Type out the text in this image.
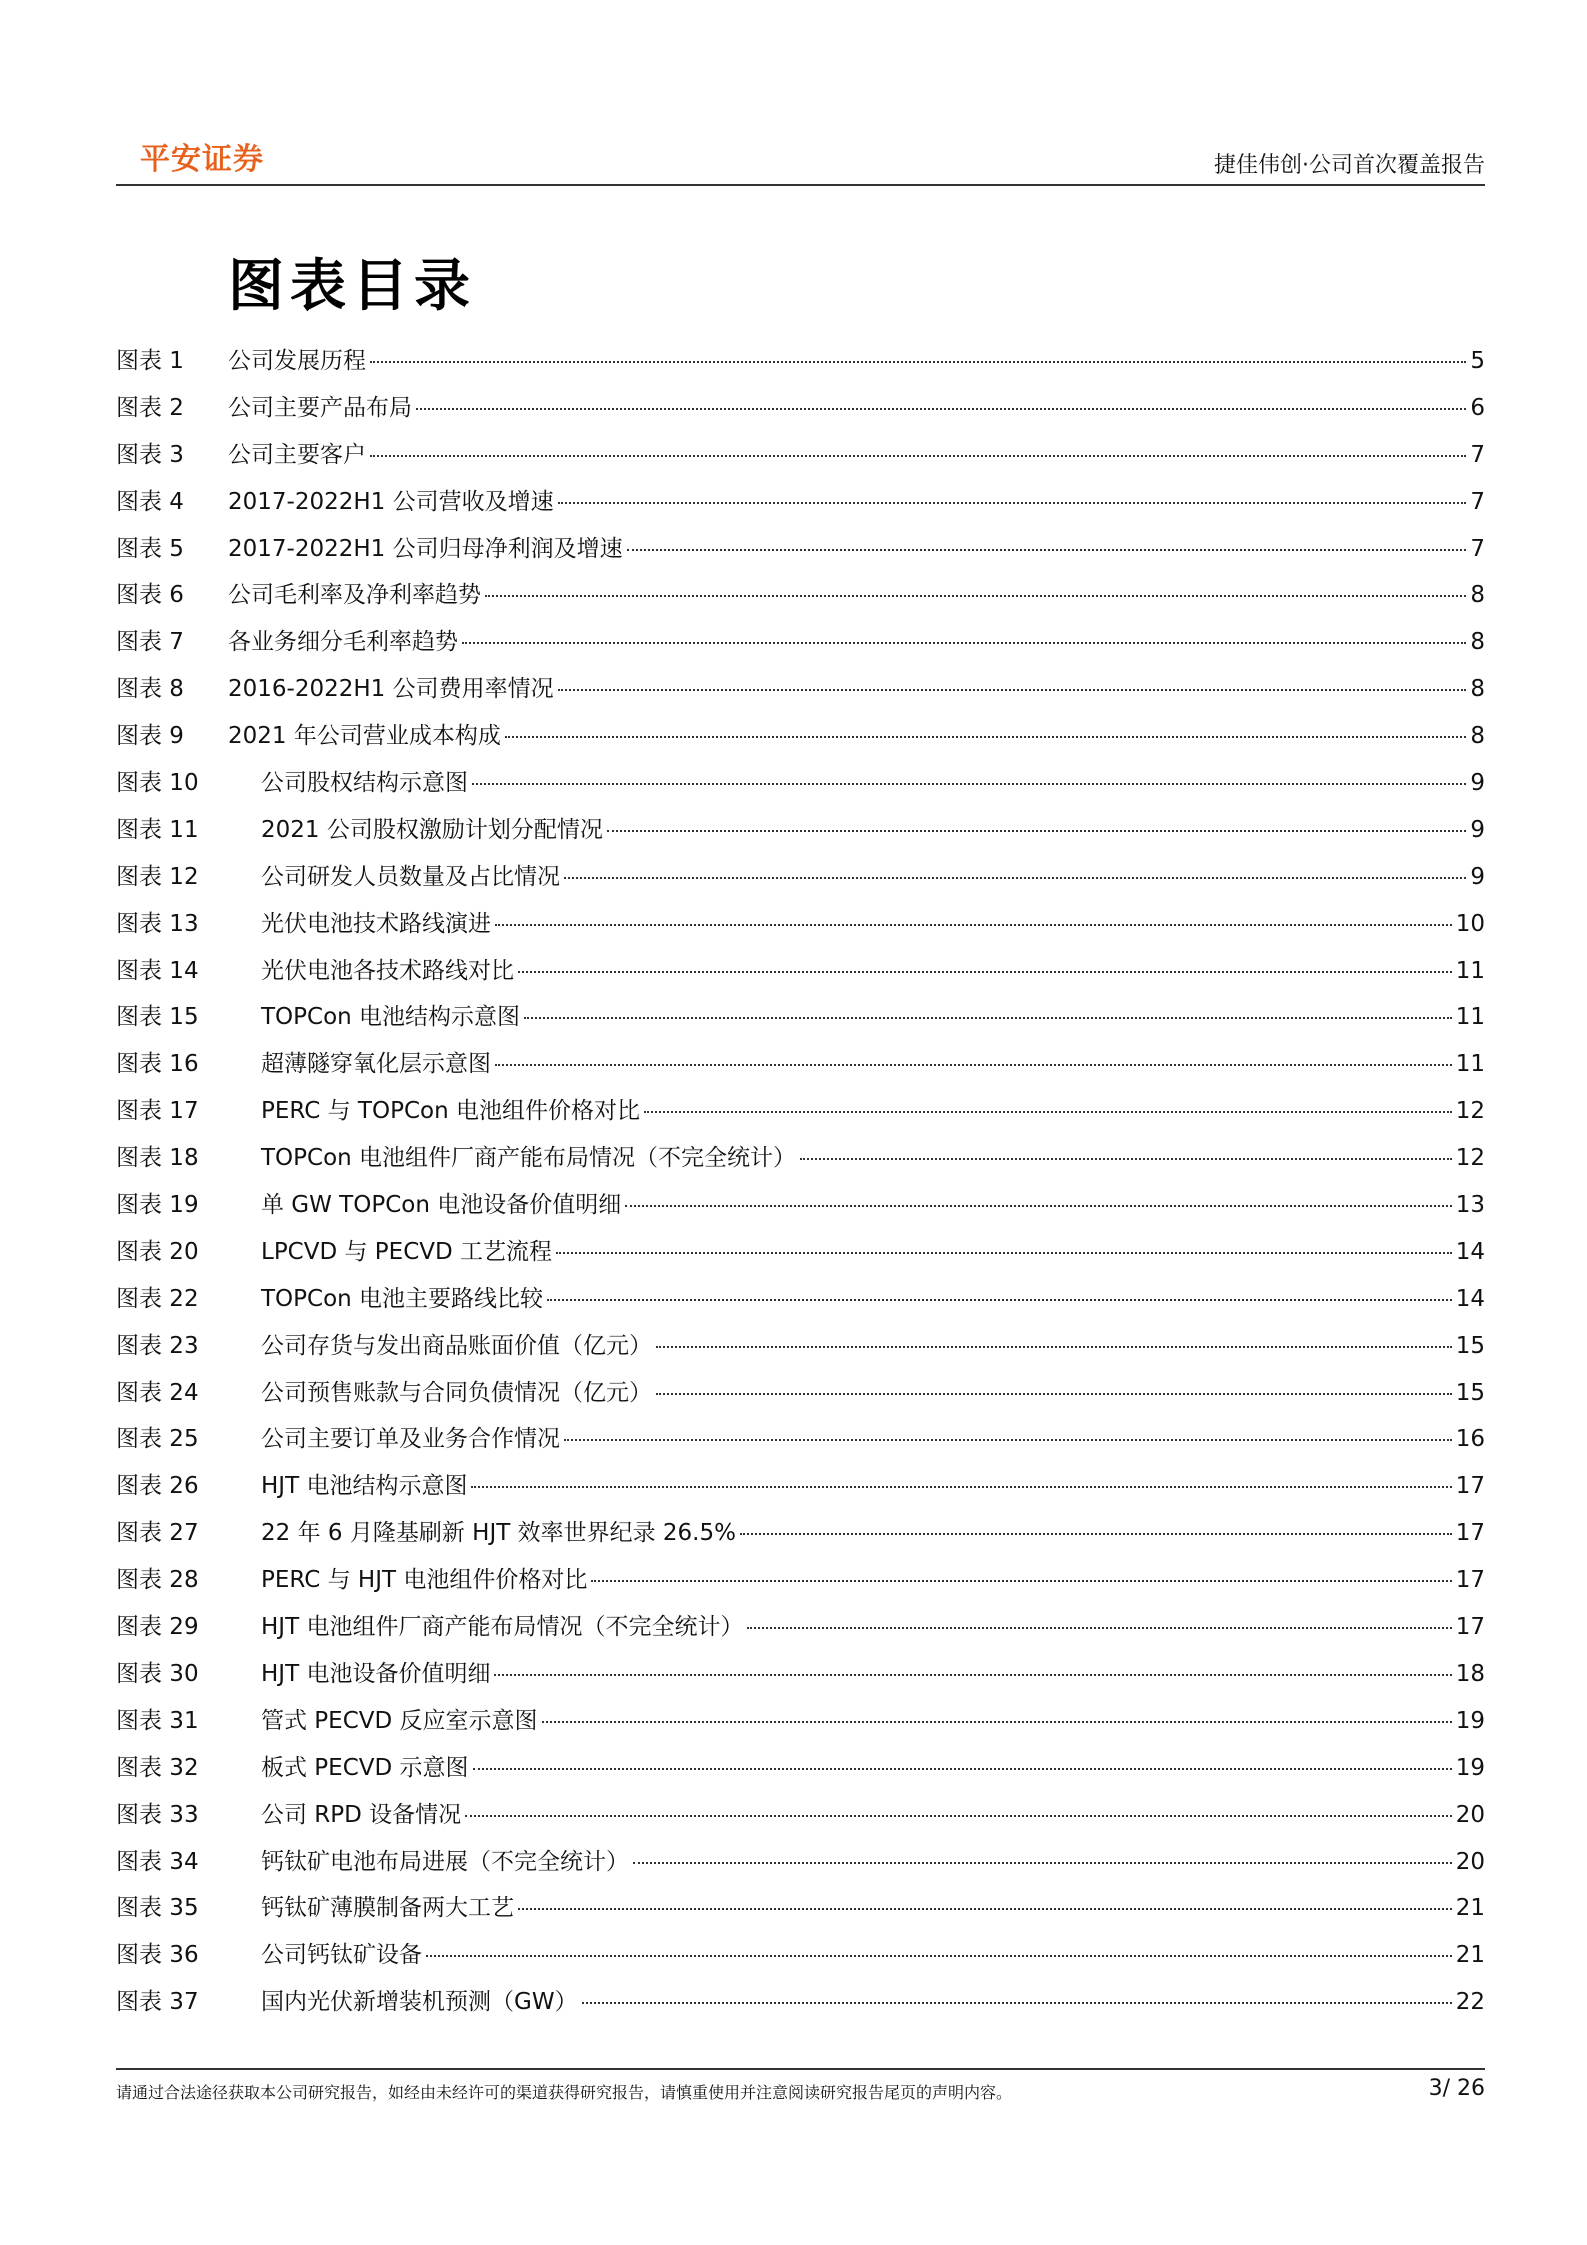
平安证券	捷佳伟创·公司首次覆盖报告
图表目录
图表 1	公司发展历程	5
图表 2	公司主要产品布局	6
图表 3	公司主要客户	7
图表 4	2017-2022H1 公司营收及增速	7
图表 5	2017-2022H1 公司归母净利润及增速	7
图表 6	公司毛利率及净利率趋势	8
图表 7	各业务细分毛利率趋势	8
图表 8	2016-2022H1 公司费用率情况	8
图表 9	2021 年公司营业成本构成	8
图表 10	公司股权结构示意图	9
图表 11	2021 公司股权激励计划分配情况	9
图表 12	公司研发人员数量及占比情况	9
图表 13	光伏电池技术路线演进	10
图表 14	光伏电池各技术路线对比	11
图表 15	TOPCon 电池结构示意图	11
图表 16	超薄隧穿氧化层示意图	11
图表 17	PERC 与 TOPCon 电池组件价格对比	12
图表 18	TOPCon 电池组件厂商产能布局情况（不完全统计）	12
图表 19	单 GW TOPCon 电池设备价值明细	13
图表 20	LPCVD 与 PECVD 工艺流程	14
图表 22	TOPCon 电池主要路线比较	14
图表 23	公司存货与发出商品账面价值（亿元）	15
图表 24	公司预售账款与合同负债情况（亿元）	15
图表 25	公司主要订单及业务合作情况	16
图表 26	HJT 电池结构示意图	17
图表 27	22 年 6 月隆基刷新 HJT 效率世界纪录 26.5%	17
图表 28	PERC 与 HJT 电池组件价格对比	17
图表 29	HJT 电池组件厂商产能布局情况（不完全统计）	17
图表 30	HJT 电池设备价值明细	18
图表 31	管式 PECVD 反应室示意图	19
图表 32	板式 PECVD 示意图	19
图表 33	公司 RPD 设备情况	20
图表 34	钙钛矿电池布局进展（不完全统计）	20
图表 35	钙钛矿薄膜制备两大工艺	21
图表 36	公司钙钛矿设备	21
图表 37	国内光伏新增装机预测（GW）	22
请通过合法途径获取本公司研究报告，如经由未经许可的渠道获得研究报告，请慎重使用并注意阅读研究报告尾页的声明内容。	3/ 26
